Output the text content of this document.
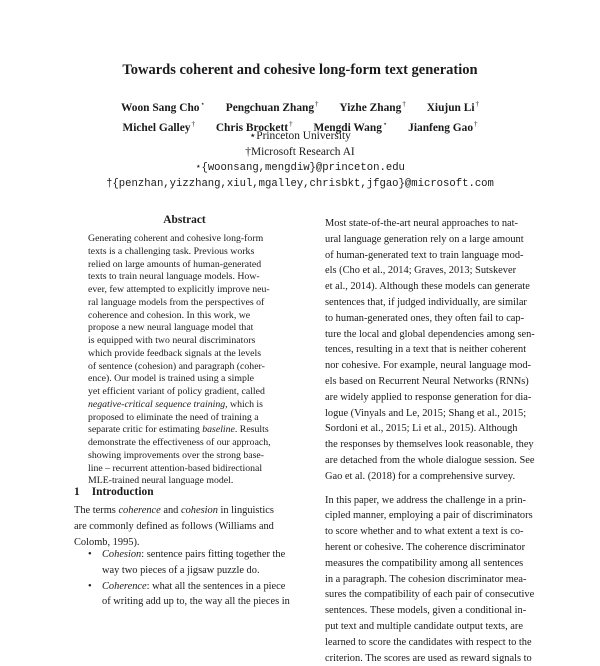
Towards coherent and cohesive long-form text generation
Woon Sang Cho⋆ Pengchuan Zhang† Yizhe Zhang† Xiujun Li†
Michel Galley† Chris Brockett† Mengdi Wang⋆ Jianfeng Gao†
⋆Princeton University
†Microsoft Research AI
⋆{woonsang,mengdiw}@princeton.edu
†{penzhan,yizzhang,xiul,mgalley,chrisbkt,jfgao}@microsoft.com
Abstract
Generating coherent and cohesive long-form
texts is a challenging task. Previous works
relied on large amounts of human-generated
texts to train neural language models. How-
ever, few attempted to explicitly improve neu-
ral language models from the perspectives of
coherence and cohesion. In this work, we
propose a new neural language model that
is equipped with two neural discriminators
which provide feedback signals at the levels
of sentence (cohesion) and paragraph (coher-
ence). Our model is trained using a simple
yet efficient variant of policy gradient, called
negative-critical sequence training, which is
proposed to eliminate the need of training a
separate critic for estimating baseline. Results
demonstrate the effectiveness of our approach,
showing improvements over the strong base-
line – recurrent attention-based bidirectional
MLE-trained neural language model.
1 Introduction
The terms coherence and cohesion in linguistics
are commonly defined as follows (Williams and
Colomb, 1995).
• Cohesion: sentence pairs fitting together the
way two pieces of a jigsaw puzzle do.
• Coherence: what all the sentences in a piece
of writing add up to, the way all the pieces in

Most state-of-the-art neural approaches to nat-
ural language generation rely on a large amount
of human-generated text to train language mod-
els (Cho et al., 2014; Graves, 2013; Sutskever
et al., 2014). Although these models can generate
sentences that, if judged individually, are similar
to human-generated ones, they often fail to cap-
ture the local and global dependencies among sen-
tences, resulting in a text that is neither coherent
nor cohesive. For example, neural language mod-
els based on Recurrent Neural Networks (RNNs)
are widely applied to response generation for dia-
logue (Vinyals and Le, 2015; Shang et al., 2015;
Sordoni et al., 2015; Li et al., 2015). Although
the responses by themselves look reasonable, they
are detached from the whole dialogue session. See
Gao et al. (2018) for a comprehensive survey.

In this paper, we address the challenge in a prin-
cipled manner, employing a pair of discriminators
to score whether and to what extent a text is co-
herent or cohesive. The coherence discriminator
measures the compatibility among all sentences
in a paragraph. The cohesion discriminator mea-
sures the compatibility of each pair of consecutive
sentences. These models, given a conditional in-
put text and multiple candidate output texts, are
learned to score the candidates with respect to the
criterion. The scores are used as reward signals to
